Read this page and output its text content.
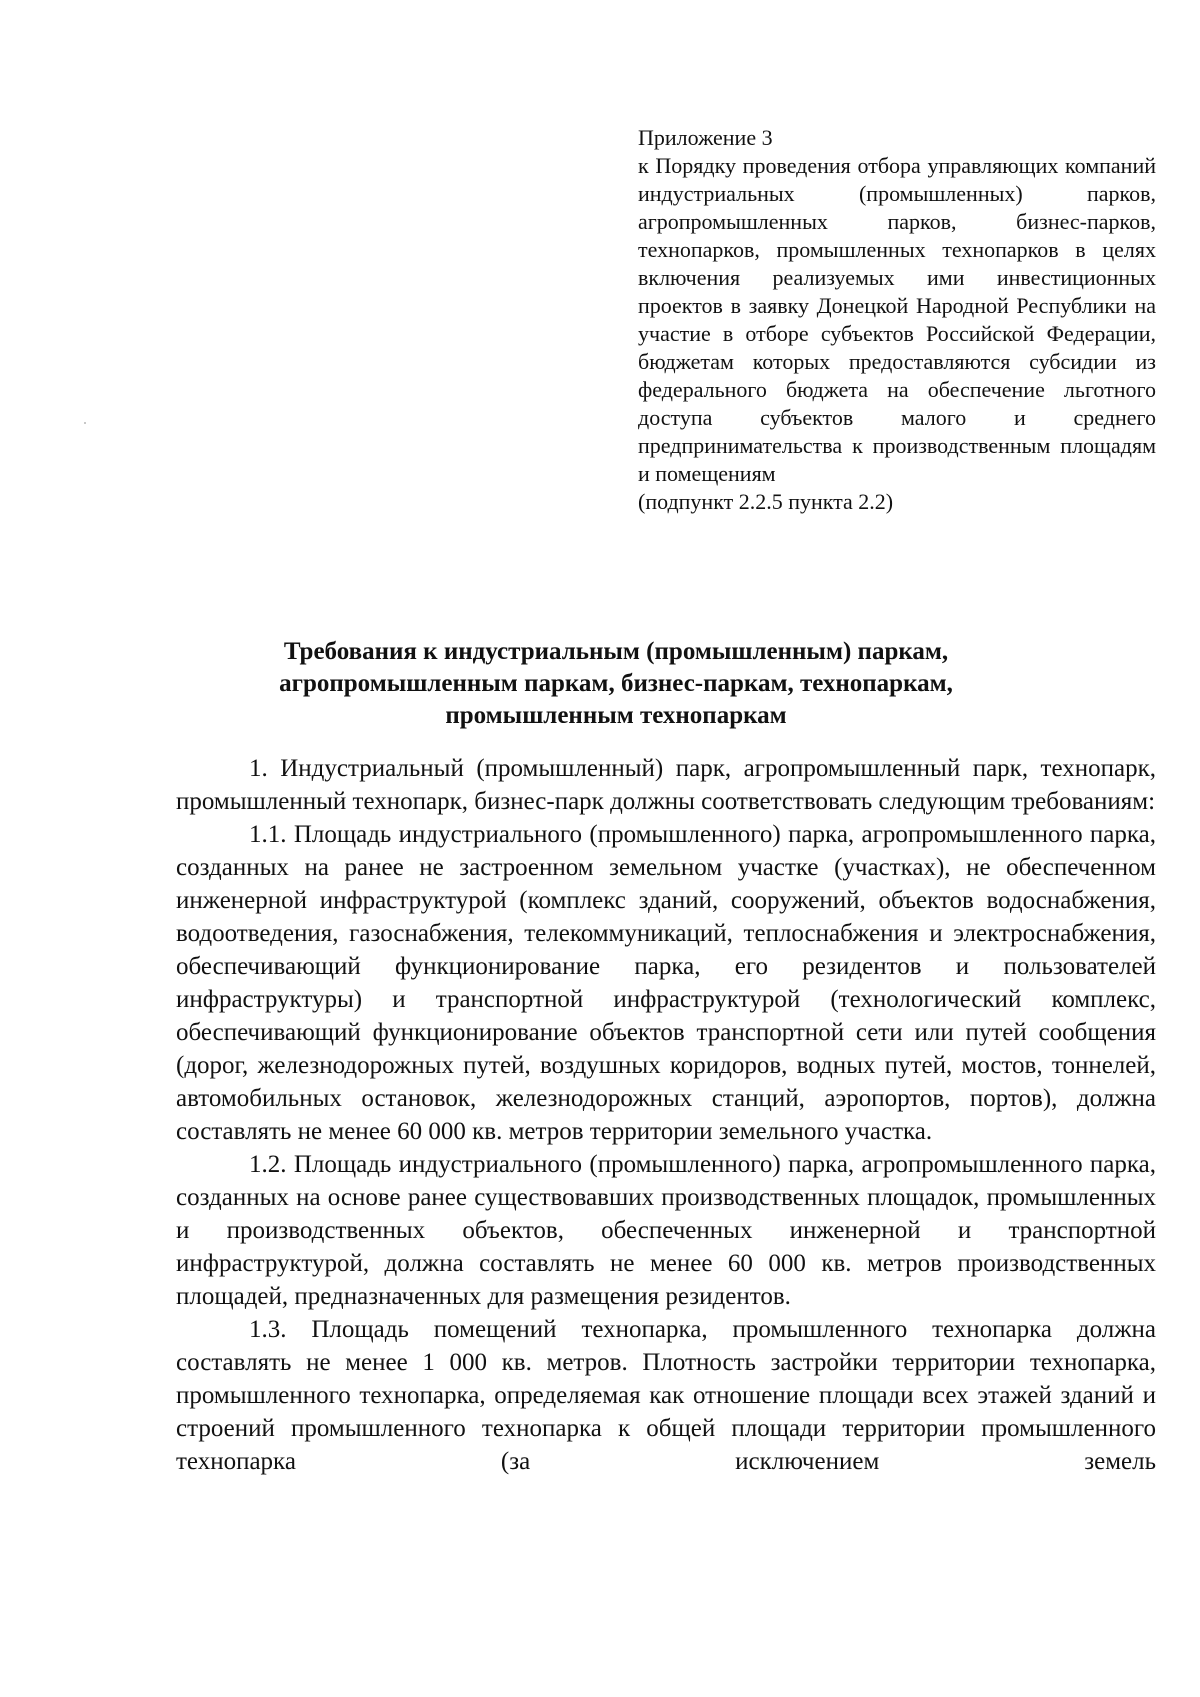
Приложение 3
к Порядку проведения отбора управляющих компаний индустриальных (промышленных) парков, агропромышленных парков, бизнес-парков, технопарков, промышленных технопарков в целях включения реализуемых ими инвестиционных проектов в заявку Донецкой Народной Республики на участие в отборе субъектов Российской Федерации, бюджетам которых предоставляются субсидии из федерального бюджета на обеспечение льготного доступа субъектов малого и среднего предпринимательства к производственным площадям и помещениям
(подпункт 2.2.5 пункта 2.2)
Требования к индустриальным (промышленным) паркам,
агропромышленным паркам, бизнес-паркам, технопаркам,
промышленным технопаркам

1. Индустриальный (промышленный) парк, агропромышленный парк, технопарк, промышленный технопарк, бизнес-парк должны соответствовать следующим требованиям:

1.1. Площадь индустриального (промышленного) парка, агропромышленного парка, созданных на ранее не застроенном земельном участке (участках), не обеспеченном инженерной инфраструктурой (комплекс зданий, сооружений, объектов водоснабжения, водоотведения, газоснабжения, телекоммуникаций, теплоснабжения и электроснабжения, обеспечивающий функционирование парка, его резидентов и пользователей инфраструктуры) и транспортной инфраструктурой (технологический комплекс, обеспечивающий функционирование объектов транспортной сети или путей сообщения (дорог, железнодорожных путей, воздушных коридоров, водных путей, мостов, тоннелей, автомобильных остановок, железнодорожных станций, аэропортов, портов), должна составлять не менее 60 000 кв. метров территории земельного участка.

1.2. Площадь индустриального (промышленного) парка, агропромышленного парка, созданных на основе ранее существовавших производственных площадок, промышленных и производственных объектов, обеспеченных инженерной и транспортной инфраструктурой, должна составлять не менее 60 000 кв. метров производственных площадей, предназначенных для размещения резидентов.

1.3. Площадь помещений технопарка, промышленного технопарка должна составлять не менее 1 000 кв. метров. Плотность застройки территории технопарка, промышленного технопарка, определяемая как отношение площади всех этажей зданий и строений промышленного технопарка к общей площади территории промышленного технопарка (за исключением земель
